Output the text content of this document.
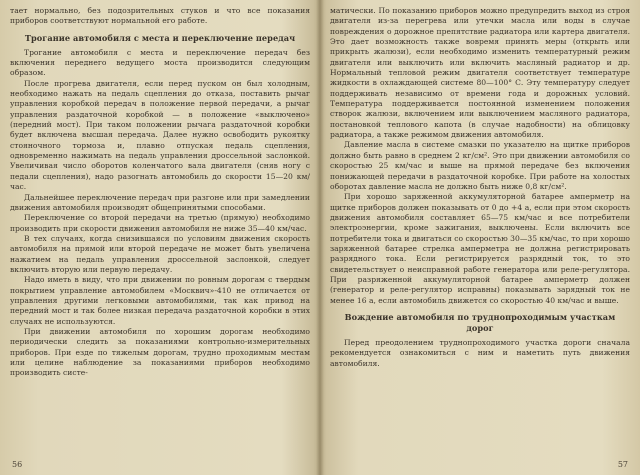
тает нормально, без подозрительных стуков и что все показания приборов соответствуют нормальной его работе.

Трогание автомобиля с места и переключение передач

Трогание автомобиля с места и переключение передач без включения переднего ведущего моста производится следующим образом.

После прогрева двигателя, если перед пуском он был холодным, необходимо нажать на педаль сцепления до отказа, поставить рычаг управления коробкой передач в положение первой передачи, а рычаг управления раздаточной коробкой — в положение «выключено» (передний мост). При таком положении рычага раздаточной коробки будет включена высшая передача. Далее нужно освободить рукоятку стояночного тормоза и, плавно отпуская педаль сцепления, одновременно нажимать на педаль управления дроссельной заслонкой. Увеличивая число оборотов коленчатого вала двигателя (сняв ногу с педали сцепления), надо разогнать автомобиль до скорости 15—20 км/час.

Дальнейшее переключение передач при разгоне или при замедлении движения автомобиля производят общепринятыми способами.

Переключение со второй передачи на третью (прямую) необходимо производить при скорости движения автомобиля не ниже 35—40 км/час.

В тех случаях, когда снизившаяся по условиям движения скорость автомобиля на прямой или второй передаче не может быть увеличена нажатием на педаль управления дроссельной заслонкой, следует включить вторую или первую передачу.

Надо иметь в виду, что при движении по ровным дорогам с твердым покрытием управление автомобилем «Москвич»-410 не отличается от управления другими легковыми автомобилями, так как привод на передний мост и так более низкая передача раздаточной коробки в этих случаях не используются.

При движении автомобиля по хорошим дорогам необходимо периодически следить за показаниями контрольно-измерительных приборов. При езде по тяжелым дорогам, трудно проходимым местам или целине наблюдение за показаниями приборов необходимо производить систе-

матически. По показанию приборов можно предупредить выход из строя двигателя из-за перегрева или утечки масла или воды в случае повреждения о дорожное препятствие радиатора или картера двигателя. Это дает возможность также вовремя принять меры (открыть или прикрыть жалюзи), если необходимо изменить температурный режим двигателя или выключить или включить масляный радиатор и др. Нормальный тепловой режим двигателя соответствует температуре жидкости в охлаждающей системе 80—100° С. Эту температуру следует поддерживать независимо от времени года и дорожных условий. Температура поддерживается постоянной изменением положения створок жалюзи, включением или выключением масляного радиатора, постановкой теплового капота (в случае надобности) на облицовку радиатора, а также режимом движения автомобиля.

Давление масла в системе смазки по указателю на щитке приборов должно быть равно в среднем 2 кг/см². Это при движении автомобиля со скоростью 25 км/час и выше на прямой передаче без включения понижающей передачи в раздаточной коробке. При работе на холостых оборотах давление масла не должно быть ниже 0,8 кг/см².

При хорошо заряженной аккумуляторной батарее амперметр на щитке приборов должен показывать от 0 до +4 а, если при этом скорость движения автомобиля составляет 65—75 км/час и все потребители электроэнергии, кроме зажигания, выключены. Если включить все потребители тока и двигаться со скоростью 30—35 км/час, то при хорошо заряженной батарее стрелка амперметра не должна регистрировать разрядного тока. Если регистрируется разрядный ток, то это свидетельствует о неисправной работе генератора или реле-регулятора. При разряженной аккумуляторной батарее амперметр должен (генератор и реле-регулятор исправны) показывать зарядный ток не менее 16 а, если автомобиль движется со скоростью 40 км/час и выше.

Вождение автомобиля по труднопроходимым участкам дорог

Перед преодолением труднопроходимого участка дороги сначала рекомендуется ознакомиться с ним и наметить путь движения автомобиля.

56	57
